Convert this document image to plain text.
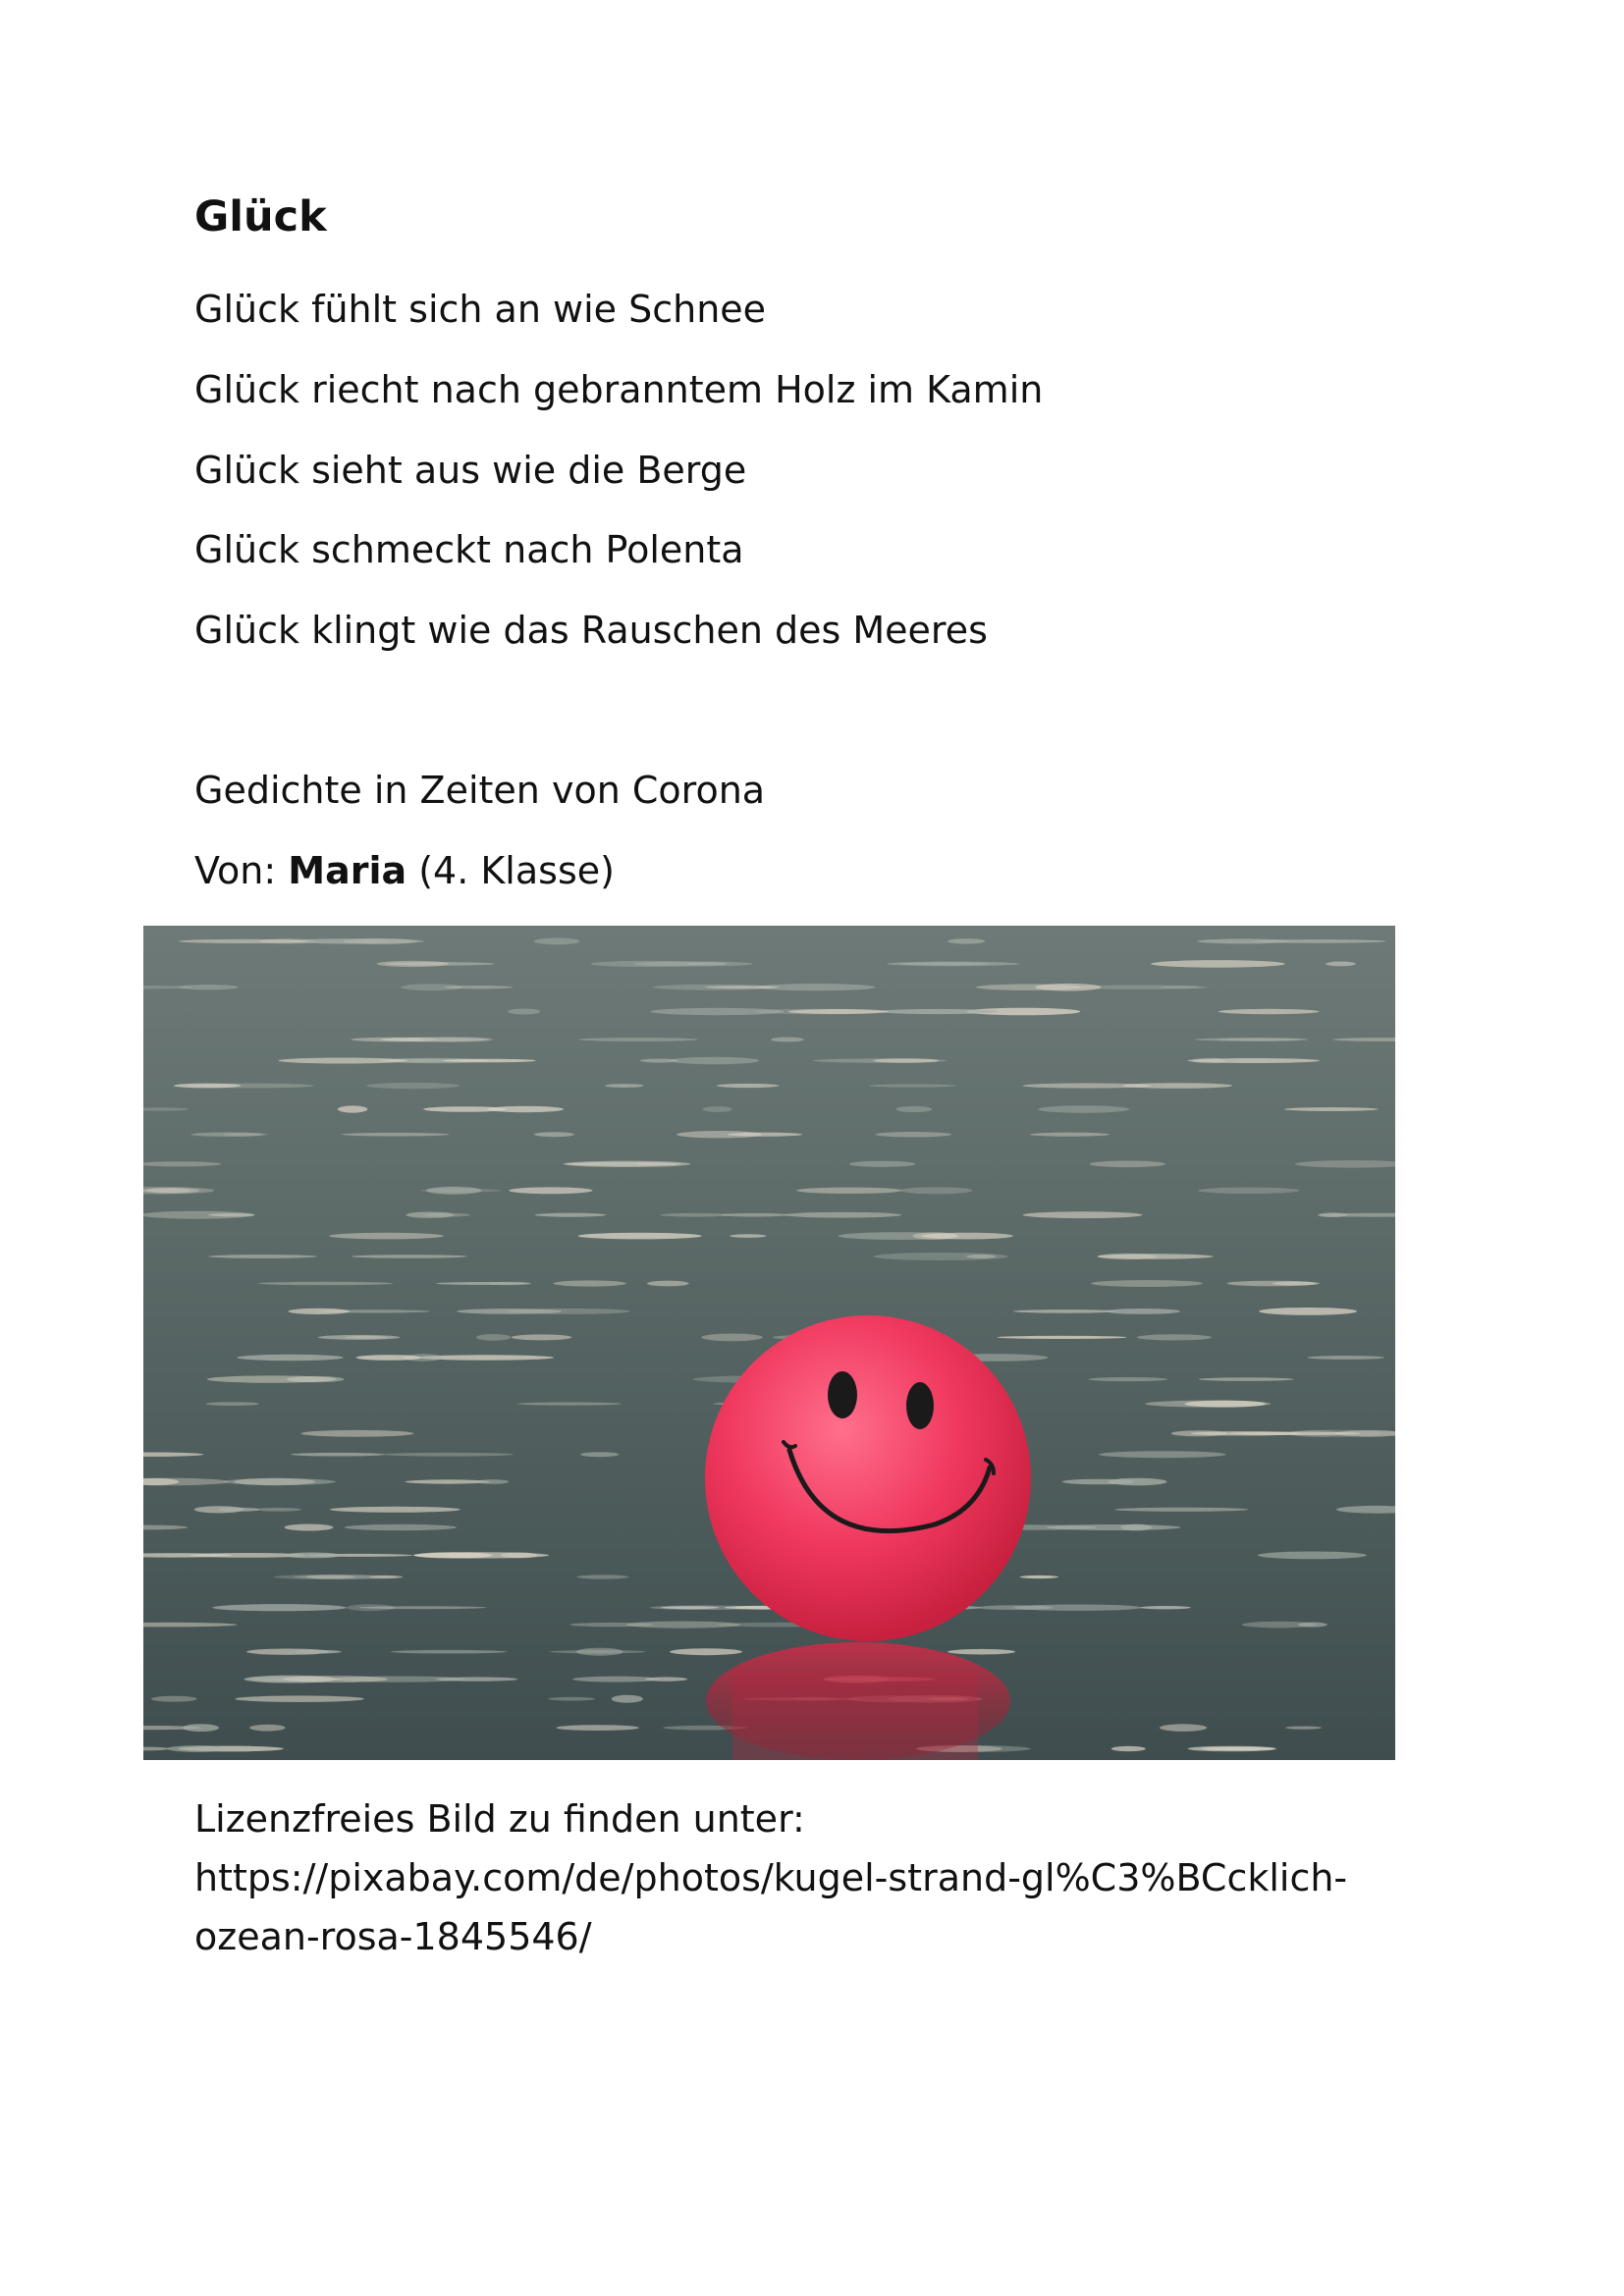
Glück

Glück fühlt sich an wie Schnee

Glück riecht nach gebranntem Holz im Kamin

Glück sieht aus wie die Berge

Glück schmeckt nach Polenta

Glück klingt wie das Rauschen des Meeres

Gedichte in Zeiten von Corona

Von: Maria (4. Klasse)

Lizenzfreies Bild zu finden unter:

https://pixabay.com/de/photos/kugel-strand-gl%C3%BCcklich-

ozean-rosa-1845546/
